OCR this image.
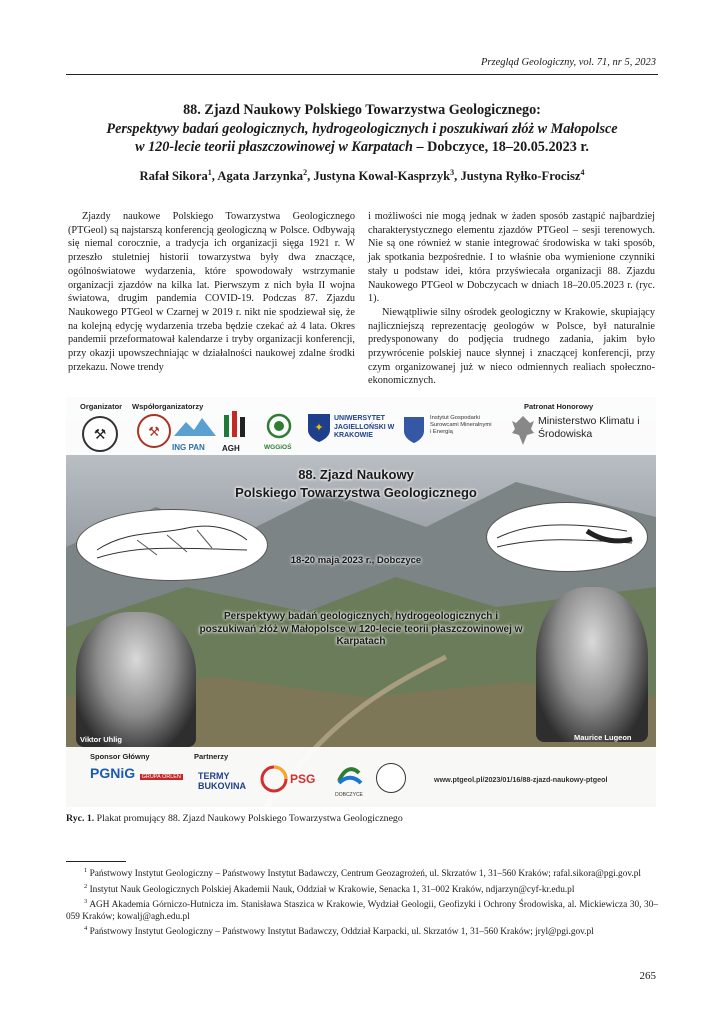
Przegląd Geologiczny, vol. 71, nr 5, 2023
88. Zjazd Naukowy Polskiego Towarzystwa Geologicznego:
Perspektywy badań geologicznych, hydrogeologicznych i poszukiwań złóż w Małopolsce
w 120-lecie teorii płaszczowinowej w Karpatach – Dobczyce, 18–20.05.2023 r.
Rafał Sikora$^1$, Agata Jarzynka$^2$, Justyna Kowal-Kasprzyk$^3$, Justyna Ryłko-Frocisz$^4$
Zjazdy naukowe Polskiego Towarzystwa Geologicznego (PTGeol) są najstarszą konferencją geologiczną w Polsce. Odbywają się niemal corocznie, a tradycja ich organizacji sięga 1921 r. W przeszło stuletniej historii towarzystwa były dwa znaczące, ogólnoświatowe wydarzenia, które spowodowały wstrzymanie organizacji zjazdów na kilka lat. Pierwszym z nich była II wojna światowa, drugim pandemia COVID-19. Podczas 87. Zjazdu Naukowego PTGeol w Czarnej w 2019 r. nikt nie spodziewał się, że na kolejną edycję wydarzenia trzeba będzie czekać aż 4 lata. Okres pandemii przeformatował kalendarze i tryby organizacji konferencji, przy okazji upowszechniając w działalności naukowej zdalne środki przekazu. Nowe trendy

i możliwości nie mogą jednak w żaden sposób zastąpić najbardziej charakterystycznego elementu zjazdów PTGeol – sesji terenowych. Nie są one również w stanie integrować środowiska w taki sposób, jak spotkania bezpośrednie. I to właśnie oba wymienione czynniki stały u podstaw idei, która przyświecała organizacji 88. Zjazdu Naukowego PTGeol w Dobczycach w dniach 18–20.05.2023 r. (ryc. 1).

Niewątpliwie silny ośrodek geologiczny w Krakowie, skupiający najliczniejszą reprezentację geologów w Polsce, był naturalnie predysponowany do podjęcia trudnego zadania, jakim było przywrócenie polskiej nauce słynnej i znaczącej konferencji, przy czym organizowanej już w nieco odmiennych realiach społeczno-ekonomicznych.

Organizator Współorganizatorzy	Patronat Honorowy
⚒	⚒
ING PAN	AGH	WGGiOŚ
✦
UNIWERSYTET JAGIELLOŃSKI W KRAKOWIE
Instytut Gospodarki Surowcami Mineralnymi i Energią
Ministerstwo Klimatu i Środowiska
88. Zjazd Naukowy
Polskiego Towarzystwa Geologicznego
18-20 maja 2023 r., Dobczyce
Perspektywy badań geologicznych, hydrogeologicznych i poszukiwań złóż w Małopolsce w 120-lecie teorii płaszczowinowej w Karpatach
Viktor Uhlig	Maurice Lugeon
Sponsor Główny	Partnerzy
PGNiG GRUPA ORLEN TERMY BUKOVINA	PSG
DOBCZYCE
www.ptgeol.pl/2023/01/16/88-zjazd-naukowy-ptgeol
Ryc. 1. Plakat promujący 88. Zjazd Naukowy Polskiego Towarzystwa Geologicznego

$^1$ Państwowy Instytut Geologiczny – Państwowy Instytut Badawczy, Centrum Geozagrożeń, ul. Skrzatów 1, 31–560 Kraków; rafal.sikora@pgi.gov.pl

$^2$ Instytut Nauk Geologicznych Polskiej Akademii Nauk, Oddział w Krakowie, Senacka 1, 31–002 Kraków, ndjarzyn@cyf-kr.edu.pl

$^3$ AGH Akademia Górniczo-Hutnicza im. Stanisława Staszica w Krakowie, Wydział Geologii, Geofizyki i Ochrony Środowiska, al. Mickiewicza 30, 30–059 Kraków; kowalj@agh.edu.pl

$^4$ Państwowy Instytut Geologiczny – Państwowy Instytut Badawczy, Oddział Karpacki, ul. Skrzatów 1, 31–560 Kraków; jryl@pgi.gov.pl

265
